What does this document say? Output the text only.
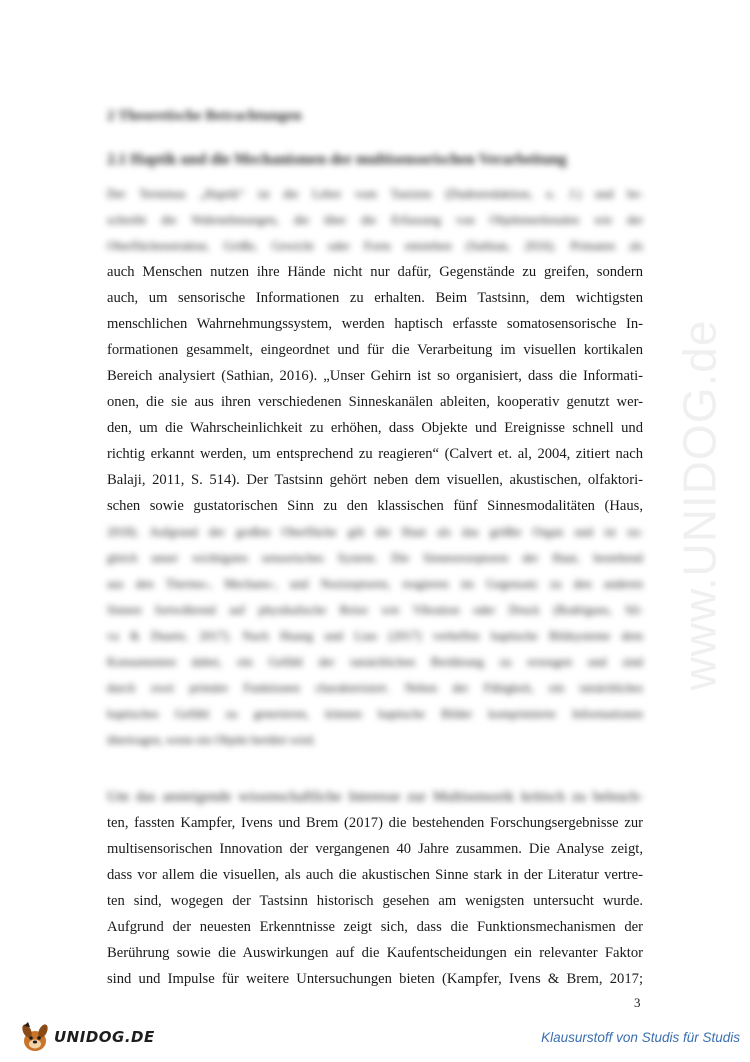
2 Theoretische Betrachtungen
2.1 Haptik und die Mechanismen der multisensorischen Verarbeitung
Der Terminus „Haptik“ ist die Lehre vom Tastsinn (Dudenredaktion, o. J.) und be-
schreibt die Wahrnehmungen, die über die Erfassung von Objektmerkmalen wie der
Oberflächenstruktur, Größe, Gewicht oder Form entstehen (Sathian, 2016). Primaten als
auch Menschen nutzen ihre Hände nicht nur dafür, Gegenstände zu greifen, sondern
auch, um sensorische Informationen zu erhalten. Beim Tastsinn, dem wichtigsten
menschlichen Wahrnehmungssystem, werden haptisch erfasste somatosensorische In-
formationen gesammelt, eingeordnet und für die Verarbeitung im visuellen kortikalen
Bereich analysiert (Sathian, 2016). „Unser Gehirn ist so organisiert, dass die Informati-
onen, die sie aus ihren verschiedenen Sinneskanälen ableiten, kooperativ genutzt wer-
den, um die Wahrscheinlichkeit zu erhöhen, dass Objekte und Ereignisse schnell und
richtig erkannt werden, um entsprechend zu reagieren“ (Calvert et. al, 2004, zitiert nach
Balaji, 2011, S. 514). Der Tastsinn gehört neben dem visuellen, akustischen, olfaktori-
schen sowie gustatorischen Sinn zu den klassischen fünf Sinnesmodalitäten (Haus,
2018). Aufgrund der großen Oberfläche gilt die Haut als das größte Organ und ist zu-
gleich unser wichtigstes sensorisches System. Die Sinnesrezeptoren der Haut, bestehend
aus den Thermo-, Mechano-, und Nozizeptoren, reagieren im Gegensatz zu den anderen
Sinnen fortwährend auf physikalische Reize wie Vibration oder Druck (Rodrigues, Sil-
va & Duarte, 2017). Nach Huang und Liao (2017) verhelfen haptische Bildsysteme dem
Konsumenten dabei, ein Gefühl der tatsächlichen Berührung zu erzeugen und sind
durch zwei primäre Funktionen charakterisiert. Neben der Fähigkeit, ein tatsächliches
haptisches Gefühl zu generieren, können haptische Bilder komprimierte Informationen
übertragen, wenn ein Objekt berührt wird.
Um das ansteigende wissenschaftliche Interesse zur Multisensorik kritisch zu beleuch-
ten, fassten Kampfer, Ivens und Brem (2017) die bestehenden Forschungsergebnisse zur
multisensorischen Innovation der vergangenen 40 Jahre zusammen. Die Analyse zeigt,
dass vor allem die visuellen, als auch die akustischen Sinne stark in der Literatur vertre-
ten sind, wogegen der Tastsinn historisch gesehen am wenigsten untersucht wurde.
Aufgrund der neuesten Erkenntnisse zeigt sich, dass die Funktionsmechanismen der
Berührung sowie die Auswirkungen auf die Kaufentscheidungen ein relevanter Faktor
sind und Impulse für weitere Untersuchungen bieten (Kampfer, Ivens & Brem, 2017;
3
www.UNIDOG.de
UNIDOG.DE	Klausurstoff von Studis für Studis
